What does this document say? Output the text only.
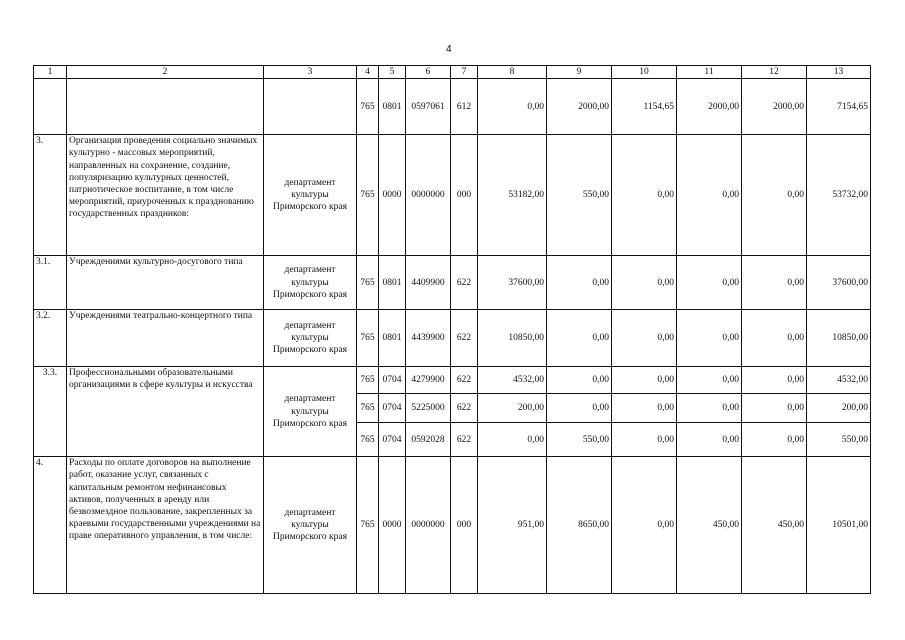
4
1	2	3	4	5	6	7	8	9	10	11	12	13
			765	0801	0597061	612	0,00	2000,00	1154,65	2000,00	2000,00	7154,65
3.	Организация проведения социально значимых культурно - массовых мероприятий, направленных на сохранение, создание, популяризацию культурных ценностей, патриотическое воспитание, в том числе мероприятий, приуроченных к празднованию государственных праздников:	департамент культуры Приморского края	765	0000	0000000	000	53182,00	550,00	0,00	0,00	0,00	53732,00
3.1.	Учреждениями культурно-досугового типа	департамент культуры Приморского края	765	0801	4409900	622	37600,00	0,00	0,00	0,00	0,00	37600,00
3.2.	Учреждениями театрально-концертного типа	департамент культуры Приморского края	765	0801	4439900	622	10850,00	0,00	0,00	0,00	0,00	10850,00
3.3.	Профессиональными образовательными организациями в сфере культуры и искусства	департамент культуры Приморского края	765	0704	4279900	622	4532,00	0,00	0,00	0,00	0,00	4532,00
			765	0704	5225000	622	200,00	0,00	0,00	0,00	0,00	200,00
			765	0704	0592028	622	0,00	550,00	0,00	0,00	0,00	550,00
4.	Расходы по оплате договоров на выполнение работ, оказание услуг, связанных с капитальным ремонтом нефинансовых активов, полученных в аренду или безвозмездное пользование, закрепленных за краевыми государственными учреждениями на праве оперативного управления, в том числе:	департамент культуры Приморского края	765	0000	0000000	000	951,00	8650,00	0,00	450,00	450,00	10501,00
